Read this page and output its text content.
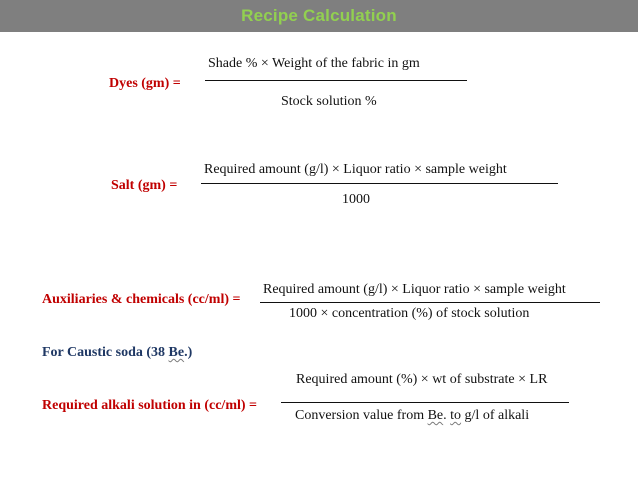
Recipe Calculation
Dyes (gm) =
Shade % × Weight of the fabric in gm
Stock solution %
Salt (gm) =
Required amount (g/l) × Liquor ratio × sample weight
1000
Auxiliaries & chemicals (cc/ml) =
Required amount (g/l) × Liquor ratio × sample weight
1000 × concentration (%) of stock solution
For Caustic soda (38 Be.)
Required alkali solution in (cc/ml) =
Required amount (%) × wt of substrate × LR
Conversion value from Be. to g/l of alkali
